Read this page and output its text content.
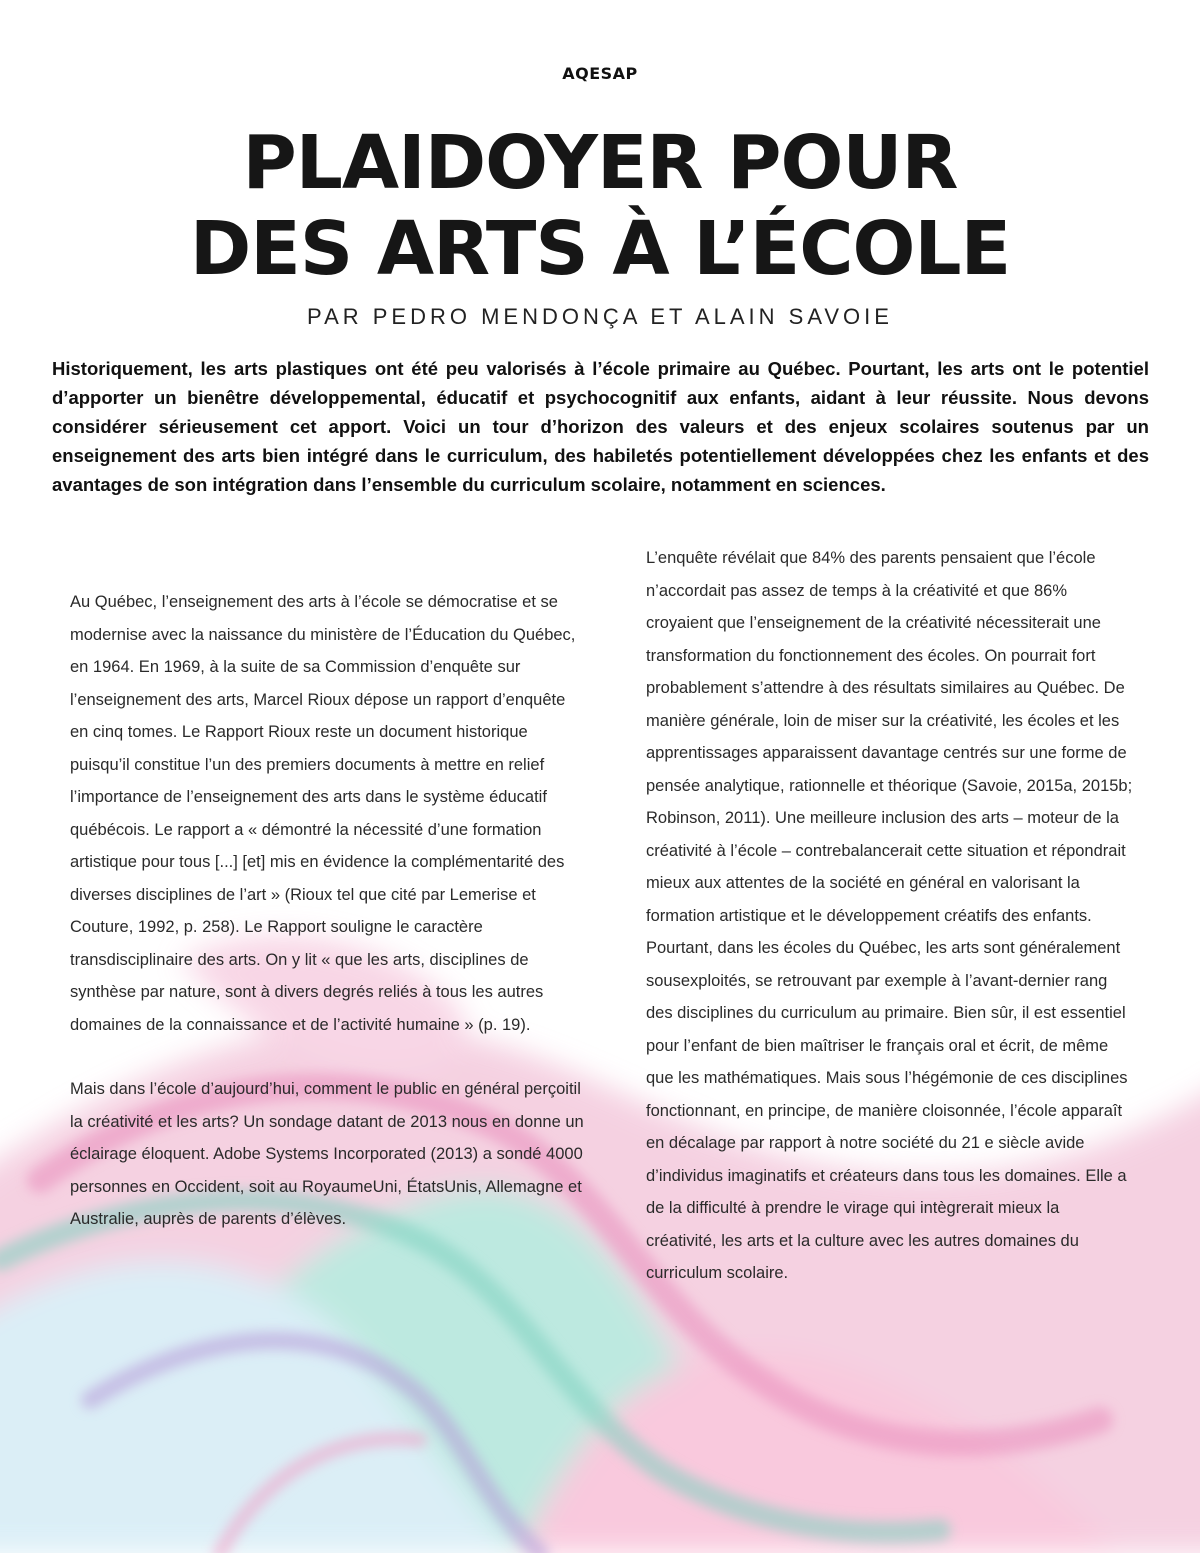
AQESAP
PLAIDOYER POUR
DES ARTS À L’ÉCOLE
PAR PEDRO MENDONÇA ET ALAIN SAVOIE

Historiquement, les arts plastiques ont été peu valorisés à l’école primaire au Québec. Pourtant, les arts ont le potentiel d’apporter un bienêtre développemental, éducatif et psychocognitif aux enfants, aidant à leur réussite. Nous devons considérer sérieusement cet apport. Voici un tour d’horizon des valeurs et des enjeux scolaires soutenus par un enseignement des arts bien intégré dans le curriculum, des habiletés potentiellement développées chez les enfants et des avantages de son intégration dans l’ensemble du curriculum scolaire, notamment en sciences.

Au Québec, l’enseignement des arts à l’école se démocratise et se modernise avec la naissance du ministère de l’Éducation du Québec, en 1964. En 1969, à la suite de sa Commission d’enquête sur l’enseignement des arts, Marcel Rioux dépose un rapport d’enquête en cinq tomes. Le Rapport Rioux reste un document historique puisqu’il constitue l’un des premiers documents à mettre en relief l’importance de l’enseignement des arts dans le système éducatif québécois. Le rapport a « démontré la nécessité d’une formation artistique pour tous [...] [et] mis en évidence la complémentarité des diverses disciplines de l’art » (Rioux tel que cité par Lemerise et Couture, 1992, p. 258). Le Rapport souligne le caractère transdisciplinaire des arts. On y lit « que les arts, disciplines de synthèse par nature, sont à divers degrés reliés à tous les autres domaines de la connaissance et de l’activité humaine » (p. 19).

Mais dans l’école d’aujourd’hui, comment le public en général perçoitil la créativité et les arts? Un sondage datant de 2013 nous en donne un éclairage éloquent. Adobe Systems Incorporated (2013) a sondé 4000 personnes en Occident, soit au RoyaumeUni, ÉtatsUnis, Allemagne et Australie, auprès de parents d’élèves.

L’enquête révélait que 84% des parents pensaient que l’école n’accordait pas assez de temps à la créativité et que 86% croyaient que l’enseignement de la créativité nécessiterait une transformation du fonctionnement des écoles. On pourrait fort probablement s’attendre à des résultats similaires au Québec. De manière générale, loin de miser sur la créativité, les écoles et les apprentissages apparaissent davantage centrés sur une forme de pensée analytique, rationnelle et théorique (Savoie, 2015a, 2015b; Robinson, 2011). Une meilleure inclusion des arts – moteur de la créativité à l’école – contrebalancerait cette situation et répondrait mieux aux attentes de la société en général en valorisant la formation artistique et le développement créatifs des enfants. Pourtant, dans les écoles du Québec, les arts sont généralement sousexploités, se retrouvant par exemple à l’avant-dernier rang des disciplines du curriculum au primaire. Bien sûr, il est essentiel pour l’enfant de bien maîtriser le français oral et écrit, de même que les mathématiques. Mais sous l’hégémonie de ces disciplines fonctionnant, en principe, de manière cloisonnée, l’école apparaît en décalage par rapport à notre société du 21 e siècle avide d’individus imaginatifs et créateurs dans tous les domaines. Elle a de la difficulté à prendre le virage qui intègrerait mieux la créativité, les arts et la culture avec les autres domaines du curriculum scolaire.
